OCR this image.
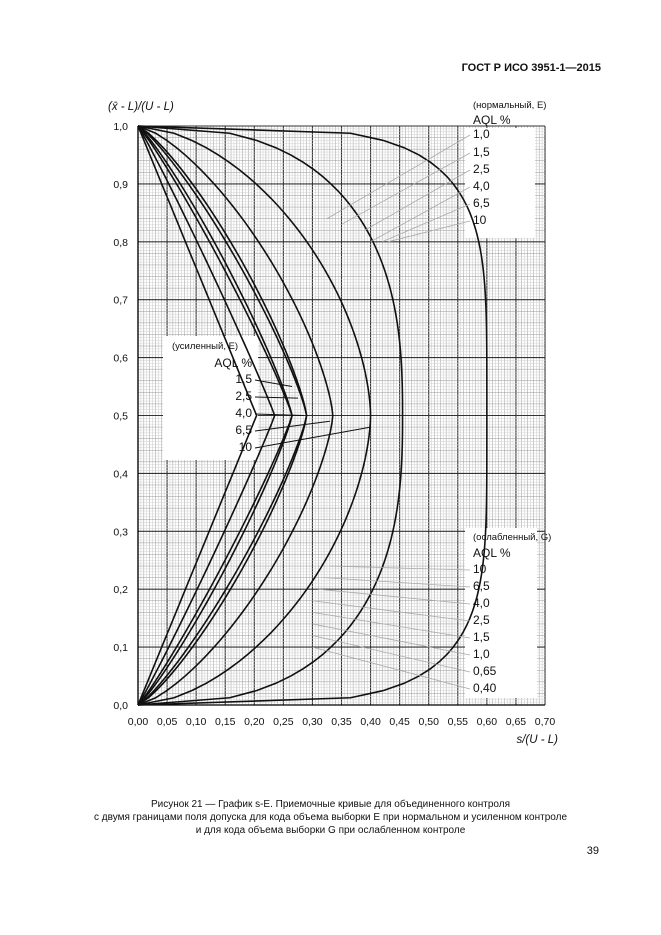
ГОСТ Р ИСО 3951-1—2015
0,00 0,05 0,10 0,15 0,20 0,25 0,30 0,35 0,40 0,45 0,50 0,55 0,60 0,65 0,70
0,0
0,1
0,2
0,3
0,4
0,5
0,6
0,7
0,8
0,9
1,0
(x̄ - L)/(U - L)
s/(U - L)
(нормальный, E)
AQL %
1,0
1,5
2,5
4,0
6,5
10
(усиленный, E)
AQL %
1,5
2,5
4,0
6,5
10
(ослабленный, G)
AQL %
10
6,5
4,0
2,5
1,5
1,0
0,65
0,40
Рисунок 21 — График s-E. Приемочные кривые для объединенного контроля
с двумя границами поля допуска для кода объема выборки E при нормальном и усиленном контроле
и для кода объема выборки G при ослабленном контроле
39
